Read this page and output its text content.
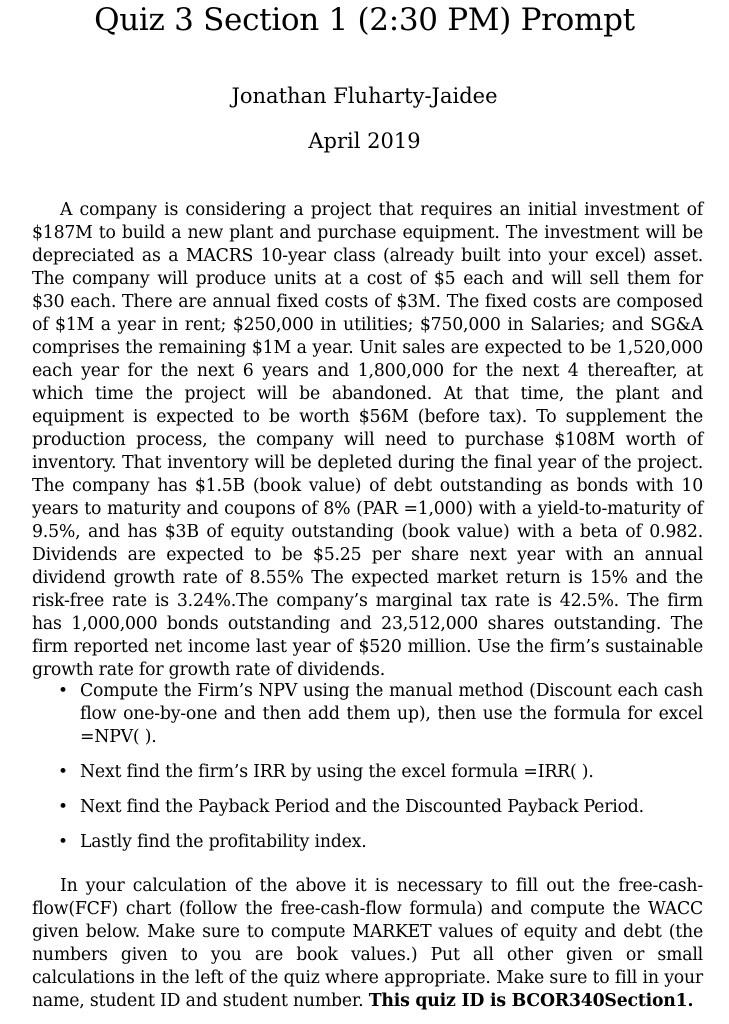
Quiz 3 Section 1 (2:30 PM) Prompt
Jonathan Fluharty-Jaidee
April 2019

A company is considering a project that requires an initial investment of $187M to build a new plant and purchase equipment. The investment will be depreciated as a MACRS 10-year class (already built into your excel) asset. The company will produce units at a cost of $5 each and will sell them for $30 each. There are annual fixed costs of $3M. The fixed costs are composed of $1M a year in rent; $250,000 in utilities; $750,000 in Salaries; and SG&A comprises the remaining $1M a year. Unit sales are expected to be 1,520,000 each year for the next 6 years and 1,800,000 for the next 4 thereafter, at which time the project will be abandoned. At that time, the plant and equipment is expected to be worth $56M (before tax). To supplement the production process, the company will need to purchase $108M worth of inventory. That inventory will be depleted during the final year of the project. The company has $1.5B (book value) of debt outstanding as bonds with 10 years to maturity and coupons of 8% (PAR =1,000) with a yield-to-maturity of 9.5%, and has $3B of equity outstanding (book value) with a beta of 0.982. Dividends are expected to be $5.25 per share next year with an annual dividend growth rate of 8.55% The expected market return is 15% and the risk-free rate is 3.24%.The company’s marginal tax rate is 42.5%. The firm has 1,000,000 bonds outstanding and 23,512,000 shares outstanding. The firm reported net income last year of $520 million. Use the firm’s sustainable growth rate for growth rate of dividends.

• Compute the Firm’s NPV using the manual method (Discount each cash flow one-by-one and then add them up), then use the formula for excel =NPV( ).
• Next find the firm’s IRR by using the excel formula =IRR( ).
• Next find the Payback Period and the Discounted Payback Period.
• Lastly find the profitability index.

In your calculation of the above it is necessary to fill out the free-cash-flow(FCF) chart (follow the free-cash-flow formula) and compute the WACC given below. Make sure to compute MARKET values of equity and debt (the numbers given to you are book values.) Put all other given or small calculations in the left of the quiz where appropriate. Make sure to fill in your name, student ID and student number. This quiz ID is BCOR340Section1.
